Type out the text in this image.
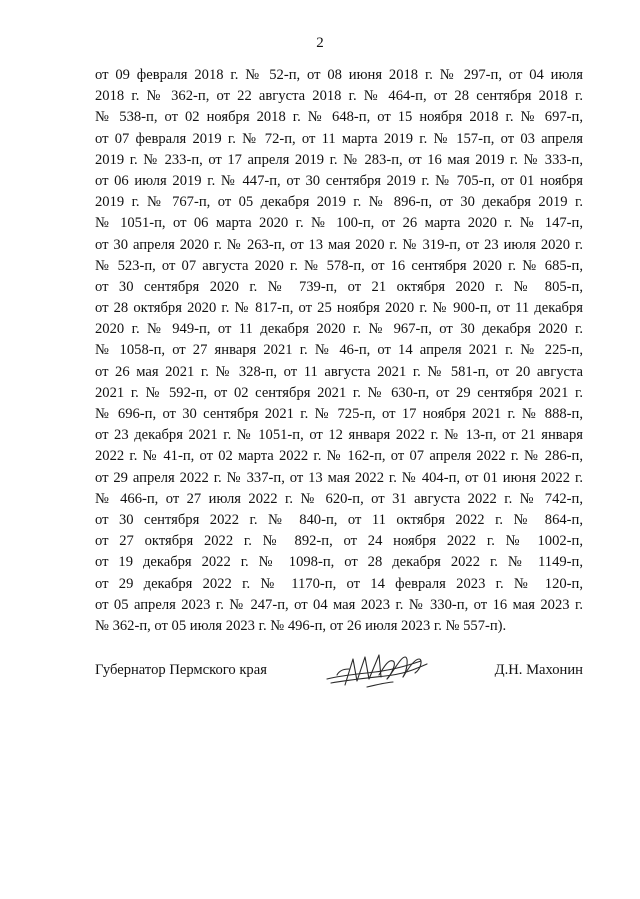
2
от 09 февраля 2018 г. № 52-п, от 08 июня 2018 г. № 297-п, от 04 июля
2018 г. № 362-п, от 22 августа 2018 г. № 464-п, от 28 сентября 2018 г.
№ 538-п, от 02 ноября 2018 г. № 648-п, от 15 ноября 2018 г. № 697-п,
от 07 февраля 2019 г. № 72-п, от 11 марта 2019 г. № 157-п, от 03 апреля
2019 г. № 233-п, от 17 апреля 2019 г. № 283-п, от 16 мая 2019 г. № 333-п,
от 06 июля 2019 г. № 447-п, от 30 сентября 2019 г. № 705-п, от 01 ноября
2019 г. № 767-п, от 05 декабря 2019 г. № 896-п, от 30 декабря 2019 г.
№ 1051-п, от 06 марта 2020 г. № 100-п, от 26 марта 2020 г. № 147-п,
от 30 апреля 2020 г. № 263-п, от 13 мая 2020 г. № 319-п, от 23 июля 2020 г.
№ 523-п, от 07 августа 2020 г. № 578-п, от 16 сентября 2020 г. № 685-п,
от 30 сентября 2020 г. № 739-п, от 21 октября 2020 г. № 805-п,
от 28 октября 2020 г. № 817-п, от 25 ноября 2020 г. № 900-п, от 11 декабря
2020 г. № 949-п, от 11 декабря 2020 г. № 967-п, от 30 декабря 2020 г.
№ 1058-п, от 27 января 2021 г. № 46-п, от 14 апреля 2021 г. № 225-п,
от 26 мая 2021 г. № 328-п, от 11 августа 2021 г. № 581-п, от 20 августа
2021 г. № 592-п, от 02 сентября 2021 г. № 630-п, от 29 сентября 2021 г.
№ 696-п, от 30 сентября 2021 г. № 725-п, от 17 ноября 2021 г. № 888-п,
от 23 декабря 2021 г. № 1051-п, от 12 января 2022 г. № 13-п, от 21 января
2022 г. № 41-п, от 02 марта 2022 г. № 162-п, от 07 апреля 2022 г. № 286-п,
от 29 апреля 2022 г. № 337-п, от 13 мая 2022 г. № 404-п, от 01 июня 2022 г.
№ 466-п, от 27 июля 2022 г. № 620-п, от 31 августа 2022 г. № 742-п,
от 30 сентября 2022 г. № 840-п, от 11 октября 2022 г. № 864-п,
от 27 октября 2022 г. № 892-п, от 24 ноября 2022 г. № 1002-п,
от 19 декабря 2022 г. № 1098-п, от 28 декабря 2022 г. № 1149-п,
от 29 декабря 2022 г. № 1170-п, от 14 февраля 2023 г. № 120-п,
от 05 апреля 2023 г. № 247-п, от 04 мая 2023 г. № 330-п, от 16 мая 2023 г.
№ 362-п, от 05 июля 2023 г. № 496-п, от 26 июля 2023 г. № 557-п).
Губернатор Пермского края	Д.Н. Махонин
